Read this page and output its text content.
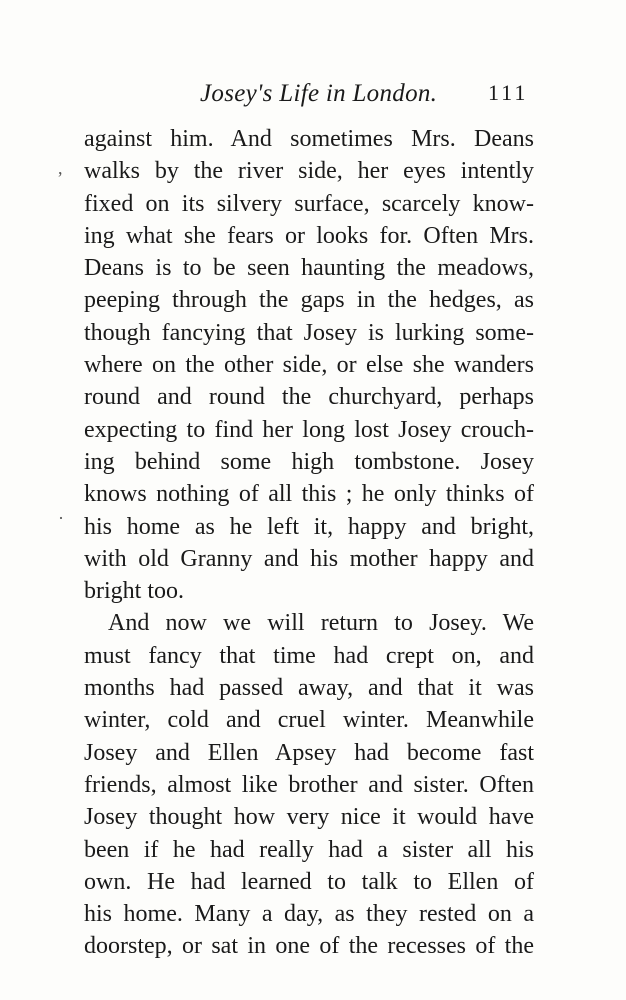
Josey's Life in London. 111
,
·
against him. And sometimes Mrs. Deans
walks by the river side, her eyes intently
fixed on its silvery surface, scarcely know-
ing what she fears or looks for. Often Mrs.
Deans is to be seen haunting the meadows,
peeping through the gaps in the hedges, as
though fancying that Josey is lurking some-
where on the other side, or else she wanders
round and round the churchyard, perhaps
expecting to find her long lost Josey crouch-
ing behind some high tombstone. Josey
knows nothing of all this ; he only thinks of
his home as he left it, happy and bright,
with old Granny and his mother happy and
bright too.
And now we will return to Josey. We
must fancy that time had crept on, and
months had passed away, and that it was
winter, cold and cruel winter. Meanwhile
Josey and Ellen Apsey had become fast
friends, almost like brother and sister. Often
Josey thought how very nice it would have
been if he had really had a sister all his
own. He had learned to talk to Ellen of
his home. Many a day, as they rested on a
doorstep, or sat in one of the recesses of the
